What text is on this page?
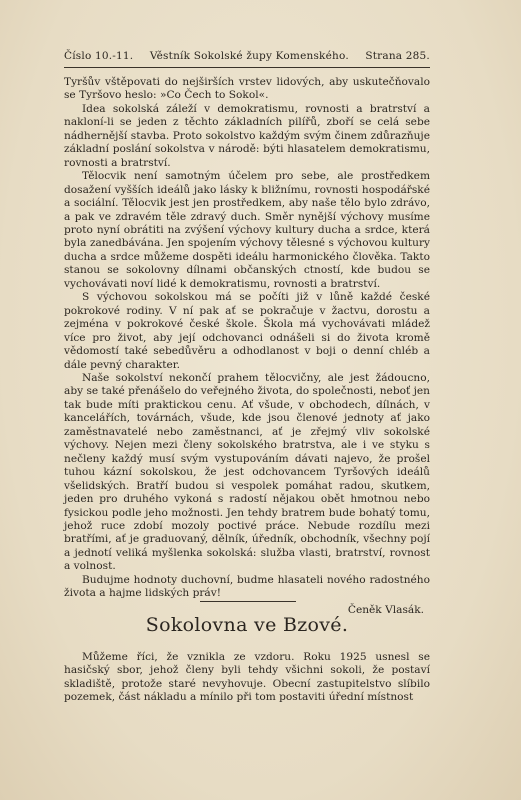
Číslo 10.-11. Věstník Sokolské župy Komenského. Strana 285.

Tyršův vštěpovati do nejširších vrstev lidových, aby uskutečňovalo se Tyršovo heslo: »Co Čech to Sokol«.

Idea sokolská záleží v demokratismu, rovnosti a bratrství a nakloní-li se jeden z těchto základních pilířů, zboří se celá sebe nádhernější stavba. Proto sokolstvo každým svým činem zdůrazňuje základní poslání sokolstva v národě: býti hlasatelem demokratismu, rovnosti a bratrství.

Tělocvik není samotným účelem pro sebe, ale prostředkem dosažení vyšších ideálů jako lásky k bližnímu, rovnosti hospodářské a sociální. Tělocvik jest jen prostředkem, aby naše tělo bylo zdrávo, a pak ve zdravém těle zdravý duch. Směr nynější výchovy musíme proto nyní obrátiti na zvýšení výchovy kultury ducha a srdce, která byla zanedbávána. Jen spojením výchovy tělesné s výchovou kultury ducha a srdce můžeme dospěti ideálu harmonického člověka. Takto stanou se sokolovny dílnami občanských ctností, kde budou se vychovávati noví lidé k demokratismu, rovnosti a bratrství.

S výchovou sokolskou má se počíti již v lůně každé české pokrokové rodiny. V ní pak ať se pokračuje v žactvu, dorostu a zejména v pokrokové české škole. Škola má vychovávati mládež více pro život, aby její odchovanci odnášeli si do života kromě vědomostí také sebedůvěru a odhodlanost v boji o denní chléb a dále pevný charakter.

Naše sokolství nekončí prahem tělocvičny, ale jest žádoucno, aby se také přenášelo do veřejného života, do společnosti, neboť jen tak bude míti praktickou cenu. Ať všude, v obchodech, dílnách, v kancelářích, továrnách, všude, kde jsou členové jednoty ať jako zaměstnavatelé nebo zaměstnanci, ať je zřejmý vliv sokolské výchovy. Nejen mezi členy sokolského bratrstva, ale i ve styku s nečleny každý musí svým vystupováním dávati najevo, že prošel tuhou kázní sokolskou, že jest odchovancem Tyršových ideálů všelidských. Bratří budou si vespolek pomáhat radou, skutkem, jeden pro druhého vykoná s radostí nějakou obět hmotnou nebo fysickou podle jeho možnosti. Jen tehdy bratrem bude bohatý tomu, jehož ruce zdobí mozoly poctivé práce. Nebude rozdílu mezi bratřími, ať je graduovaný, dělník, úředník, obchodník, všechny pojí a jednotí veliká myšlenka sokolská: služba vlasti, bratrství, rovnost a volnost.

Budujme hodnoty duchovní, budme hlasateli nového radostného života a hajme lidských práv!

Čeněk Vlasák.
Sokolovna ve Bzové.

Můžeme říci, že vznikla ze vzdoru. Roku 1925 usnesl se hasičský sbor, jehož členy byli tehdy všichni sokoli, že postaví skladiště, protože staré nevyhovuje. Obecní zastupitelstvo slíbilo pozemek, část nákladu a mínilo při tom postaviti úřední místnost
